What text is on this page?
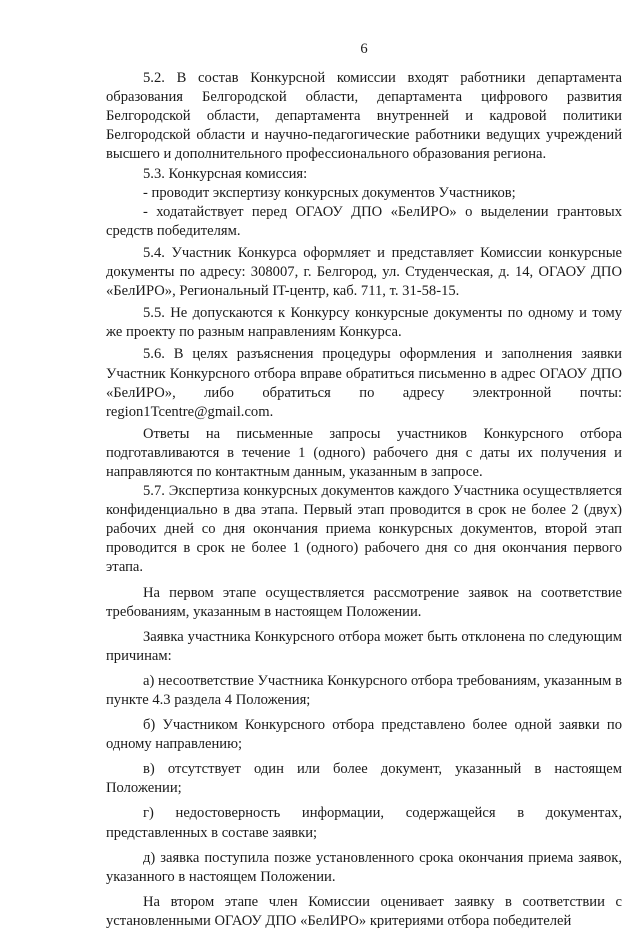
6

5.2. В состав Конкурсной комиссии входят работники департамента образования Белгородской области, департамента цифрового развития Белгородской области, департамента внутренней и кадровой политики Белгородской области и научно-педагогические работники ведущих учреждений высшего и дополнительного профессионального образования региона.

5.3. Конкурсная комиссия:

- проводит экспертизу конкурсных документов Участников;

- ходатайствует перед ОГАОУ ДПО «БелИРО» о выделении грантовых средств победителям.

5.4. Участник Конкурса оформляет и представляет Комиссии конкурсные документы по адресу: 308007, г. Белгород, ул. Студенческая, д. 14, ОГАОУ ДПО «БелИРО», Региональный IT-центр, каб. 711, т. 31-58-15.

5.5. Не допускаются к Конкурсу конкурсные документы по одному и тому же проекту по разным направлениям Конкурса.

5.6. В целях разъяснения процедуры оформления и заполнения заявки Участник Конкурсного отбора вправе обратиться письменно в адрес ОГАОУ ДПО «БелИРО», либо обратиться по адресу электронной почты: region1Tcentre@gmail.com.

Ответы на письменные запросы участников Конкурсного отбора подготавливаются в течение 1 (одного) рабочего дня с даты их получения и направляются по контактным данным, указанным в запросе.

5.7. Экспертиза конкурсных документов каждого Участника осуществляется конфиденциально в два этапа. Первый этап проводится в срок не более 2 (двух) рабочих дней со дня окончания приема конкурсных документов, второй этап проводится в срок не более 1 (одного) рабочего дня со дня окончания первого этапа.

На первом этапе осуществляется рассмотрение заявок на соответствие требованиям, указанным в настоящем Положении.

Заявка участника Конкурсного отбора может быть отклонена по следующим причинам:

а) несоответствие Участника Конкурсного отбора требованиям, указанным в пункте 4.3 раздела 4 Положения;

б) Участником Конкурсного отбора представлено более одной заявки по одному направлению;

в) отсутствует один или более документ, указанный в настоящем Положении;

г) недостоверность информации, содержащейся в документах, представленных в составе заявки;

д) заявка поступила позже установленного срока окончания приема заявок, указанного в настоящем Положении.

На втором этапе член Комиссии оценивает заявку в соответствии с установленными ОГАОУ ДПО «БелИРО» критериями отбора победителей
